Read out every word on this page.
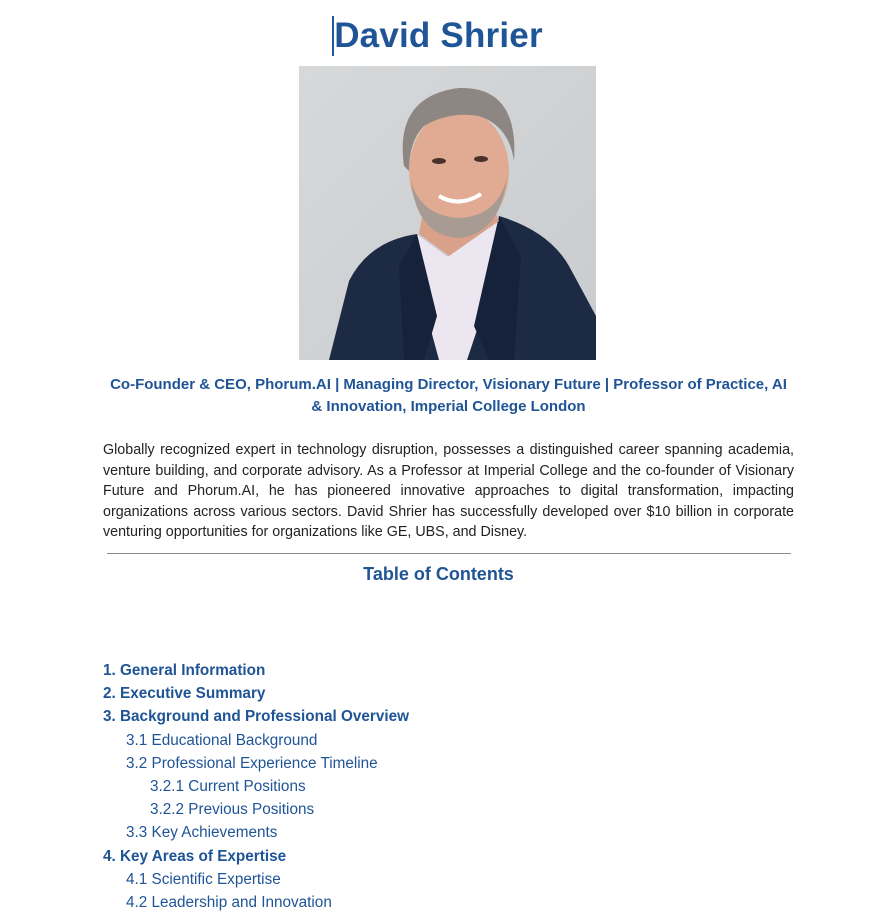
David Shrier
Co-Founder & CEO, Phorum.AI | Managing Director, Visionary Future | Professor of Practice, AI & Innovation, Imperial College London
Globally recognized expert in technology disruption, possesses a distinguished career spanning academia, venture building, and corporate advisory. As a Professor at Imperial College and the co-founder of Visionary Future and Phorum.AI, he has pioneered innovative approaches to digital transformation, impacting organizations across various sectors. David Shrier has successfully developed over $10 billion in corporate venturing opportunities for organizations like GE, UBS, and Disney.
Table of Contents
1. General Information
2. Executive Summary
3. Background and Professional Overview
3.1 Educational Background
3.2 Professional Experience Timeline
3.2.1 Current Positions
3.2.2 Previous Positions
3.3 Key Achievements
4. Key Areas of Expertise
4.1 Scientific Expertise
4.2 Leadership and Innovation
